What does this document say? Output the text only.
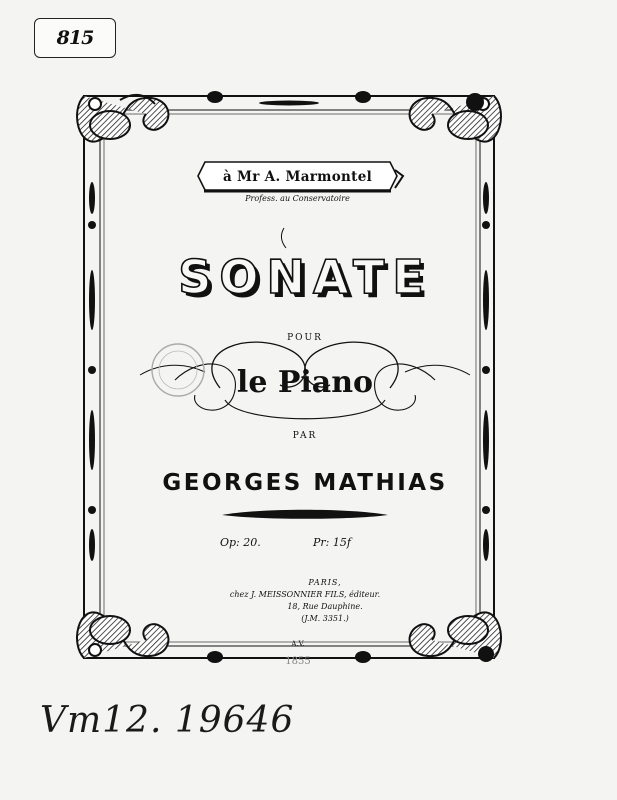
815
à Mr A. Marmontel
Profess. au Conservatoire
SONATE
POUR
le Piano
PAR
GEORGES MATHIAS
Op: 20.	Pr: 15f
PARIS,
chez J. MEISSONNIER FILS, éditeur.
18, Rue Dauphine.
(J.M. 3351.)
A.V.
1855
Vm12. 19646
